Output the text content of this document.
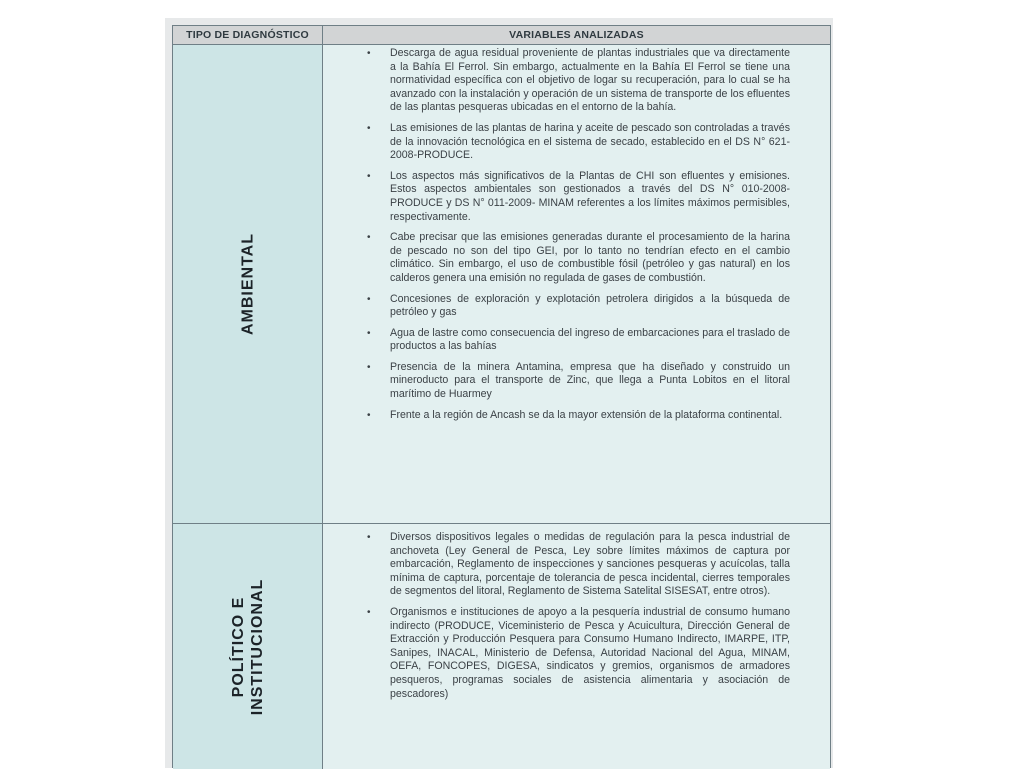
TIPO DE DIAGNÓSTICO	VARIABLES ANALIZADAS
AMBIENTAL
• Descarga de agua residual proveniente de plantas industriales que va directamente a la Bahía El Ferrol. Sin embargo, actualmente en la Bahía El Ferrol se tiene una normatividad específica con el objetivo de logar su recuperación, para lo cual se ha avanzado con la instalación y operación de un sistema de transporte de los efluentes de las plantas pesqueras ubicadas en el entorno de la bahía.
• Las emisiones de las plantas de harina y aceite de pescado son controladas a través de la innovación tecnológica en el sistema de secado, establecido en el DS N° 621-2008-PRODUCE.
• Los aspectos más significativos de la Plantas de CHI son efluentes y emisiones. Estos aspectos ambientales son gestionados a través del DS N° 010-2008-PRODUCE y DS N° 011-2009- MINAM referentes a los límites máximos permisibles, respectivamente.
• Cabe precisar que las emisiones generadas durante el procesamiento de la harina de pescado no son del tipo GEI, por lo tanto no tendrían efecto en el cambio climático. Sin embargo, el uso de combustible fósil (petróleo y gas natural) en los calderos genera una emisión no regulada de gases de combustión.
• Concesiones de exploración y explotación petrolera dirigidos a la búsqueda de petróleo y gas
• Agua de lastre como consecuencia del ingreso de embarcaciones para el traslado de productos a las bahías
• Presencia de la minera Antamina, empresa que ha diseñado y construido un mineroducto para el transporte de Zinc, que llega a Punta Lobitos en el litoral marítimo de Huarmey
• Frente a la región de Ancash se da la mayor extensión de la plataforma continental.
POLÍTICO E INSTITUCIONAL
• Diversos dispositivos legales o medidas de regulación para la pesca industrial de anchoveta (Ley General de Pesca, Ley sobre límites máximos de captura por embarcación, Reglamento de inspecciones y sanciones pesqueras y acuícolas, talla mínima de captura, porcentaje de tolerancia de pesca incidental, cierres temporales de segmentos del litoral, Reglamento de Sistema Satelital SISESAT, entre otros).
• Organismos e instituciones de apoyo a la pesquería industrial de consumo humano indirecto (PRODUCE, Viceministerio de Pesca y Acuicultura, Dirección General de Extracción y Producción Pesquera para Consumo Humano Indirecto, IMARPE, ITP, Sanipes, INACAL, Ministerio de Defensa, Autoridad Nacional del Agua, MINAM, OEFA, FONCOPES, DIGESA, sindicatos y gremios, organismos de armadores pesqueros, programas sociales de asistencia alimentaria y asociación de pescadores)
